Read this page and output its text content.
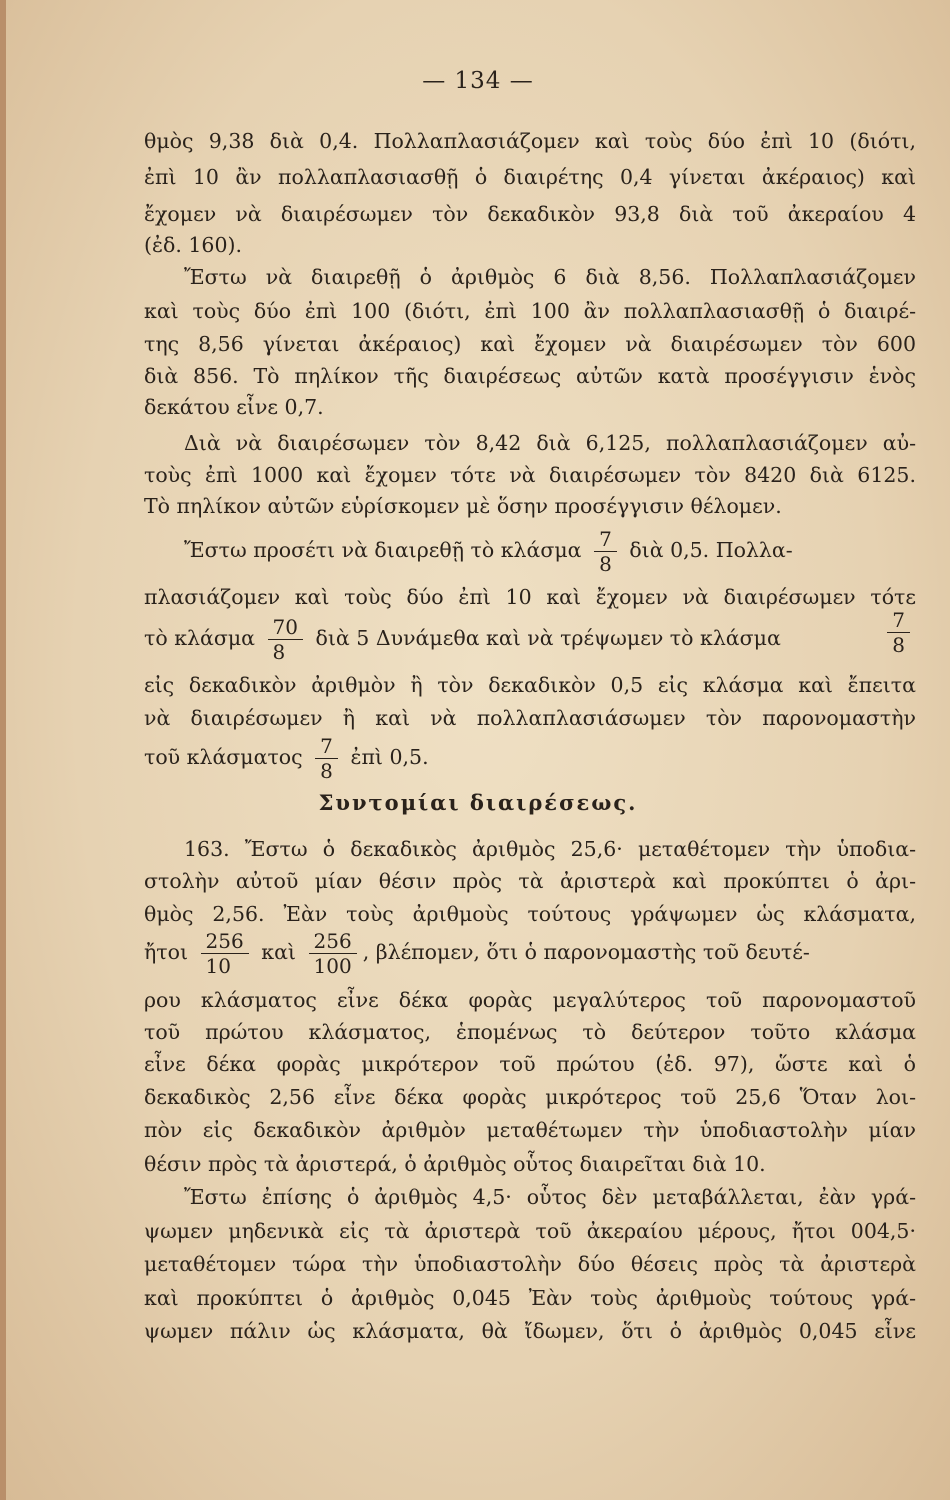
— 134 —
θμὸς 9,38 διὰ 0,4. Πολλαπλασιάζομεν καὶ τοὺς δύο ἐπὶ 10 (διότι,
ἐπὶ 10 ἂν πολλαπλασιασθῇ ὁ διαιρέτης 0,4 γίνεται ἀκέραιος) καὶ
ἔχομεν νὰ διαιρέσωμεν τὸν δεκαδικὸν 93,8 διὰ τοῦ ἀκεραίου 4
(ἐδ. 160).
Ἔστω νὰ διαιρεθῇ ὁ ἀριθμὸς 6 διὰ 8,56. Πολλαπλασιάζομεν
καὶ τοὺς δύο ἐπὶ 100 (διότι, ἐπὶ 100 ἂν πολλαπλασιασθῇ ὁ διαιρέ-
της 8,56 γίνεται ἀκέραιος) καὶ ἔχομεν νὰ διαιρέσωμεν τὸν 600
διὰ 856. Τὸ πηλίκον τῆς διαιρέσεως αὐτῶν κατὰ προσέγγισιν ἑνὸς
δεκάτου εἶνε 0,7.
Διὰ νὰ διαιρέσωμεν τὸν 8,42 διὰ 6,125, πολλαπλασιάζομεν αὐ-
τοὺς ἐπὶ 1000 καὶ ἔχομεν τότε νὰ διαιρέσωμεν τὸν 8420 διὰ 6125.
Τὸ πηλίκον αὐτῶν εὑρίσκομεν μὲ ὅσην προσέγγισιν θέλομεν.
Ἔστω προσέτι νὰ διαιρεθῇ τὸ κλάσμα $\frac{7}{8}$ διὰ 0,5. Πολλα-
πλασιάζομεν καὶ τοὺς δύο ἐπὶ 10 καὶ ἔχομεν νὰ διαιρέσωμεν τότε
τὸ κλάσμα $\frac{70}{8}$ διὰ 5 Δυνάμεθα καὶ νὰ τρέψωμεν τὸ κλάσμα	$\frac{7}{8}$
εἰς δεκαδικὸν ἀριθμὸν ἢ τὸν δεκαδικὸν 0,5 εἰς κλάσμα καὶ ἔπειτα
νὰ διαιρέσωμεν ἢ καὶ νὰ πολλαπλασιάσωμεν τὸν παρονομαστὴν
τοῦ κλάσματος $\frac{7}{8}$ ἐπὶ 0,5.
Συντομίαι διαιρέσεως.
163. Ἔστω ὁ δεκαδικὸς ἀριθμὸς 25,6· μεταθέτομεν τὴν ὑποδια-
στολὴν αὐτοῦ μίαν θέσιν πρὸς τὰ ἀριστερὰ καὶ προκύπτει ὁ ἀρι-
θμὸς 2,56. Ἐὰν τοὺς ἀριθμοὺς τούτους γράψωμεν ὡς κλάσματα,
ἤτοι $\frac{256}{10}$ καὶ $\frac{256}{100}$ , βλέπομεν, ὅτι ὁ παρονομαστὴς τοῦ δευτέ-
ρου κλάσματος εἶνε δέκα φορὰς μεγαλύτερος τοῦ παρονομαστοῦ
τοῦ πρώτου κλάσματος, ἑπομένως τὸ δεύτερον τοῦτο κλάσμα
εἶνε δέκα φορὰς μικρότερον τοῦ πρώτου (ἐδ. 97), ὥστε καὶ ὁ
δεκαδικὸς 2,56 εἶνε δέκα φορὰς μικρότερος τοῦ 25,6 Ὅταν λοι-
πὸν εἰς δεκαδικὸν ἀριθμὸν μεταθέτωμεν τὴν ὑποδιαστολὴν μίαν
θέσιν πρὸς τὰ ἀριστερά, ὁ ἀριθμὸς οὗτος διαιρεῖται διὰ 10.
Ἔστω ἐπίσης ὁ ἀριθμὸς 4,5· οὗτος δὲν μεταβάλλεται, ἐὰν γρά-
ψωμεν μηδενικὰ εἰς τὰ ἀριστερὰ τοῦ ἀκεραίου μέρους, ἤτοι 004,5·
μεταθέτομεν τώρα τὴν ὑποδιαστολὴν δύο θέσεις πρὸς τὰ ἀριστερὰ
καὶ προκύπτει ὁ ἀριθμὸς 0,045 Ἐὰν τοὺς ἀριθμοὺς τούτους γρά-
ψωμεν πάλιν ὡς κλάσματα, θὰ ἴδωμεν, ὅτι ὁ ἀριθμὸς 0,045 εἶνε
